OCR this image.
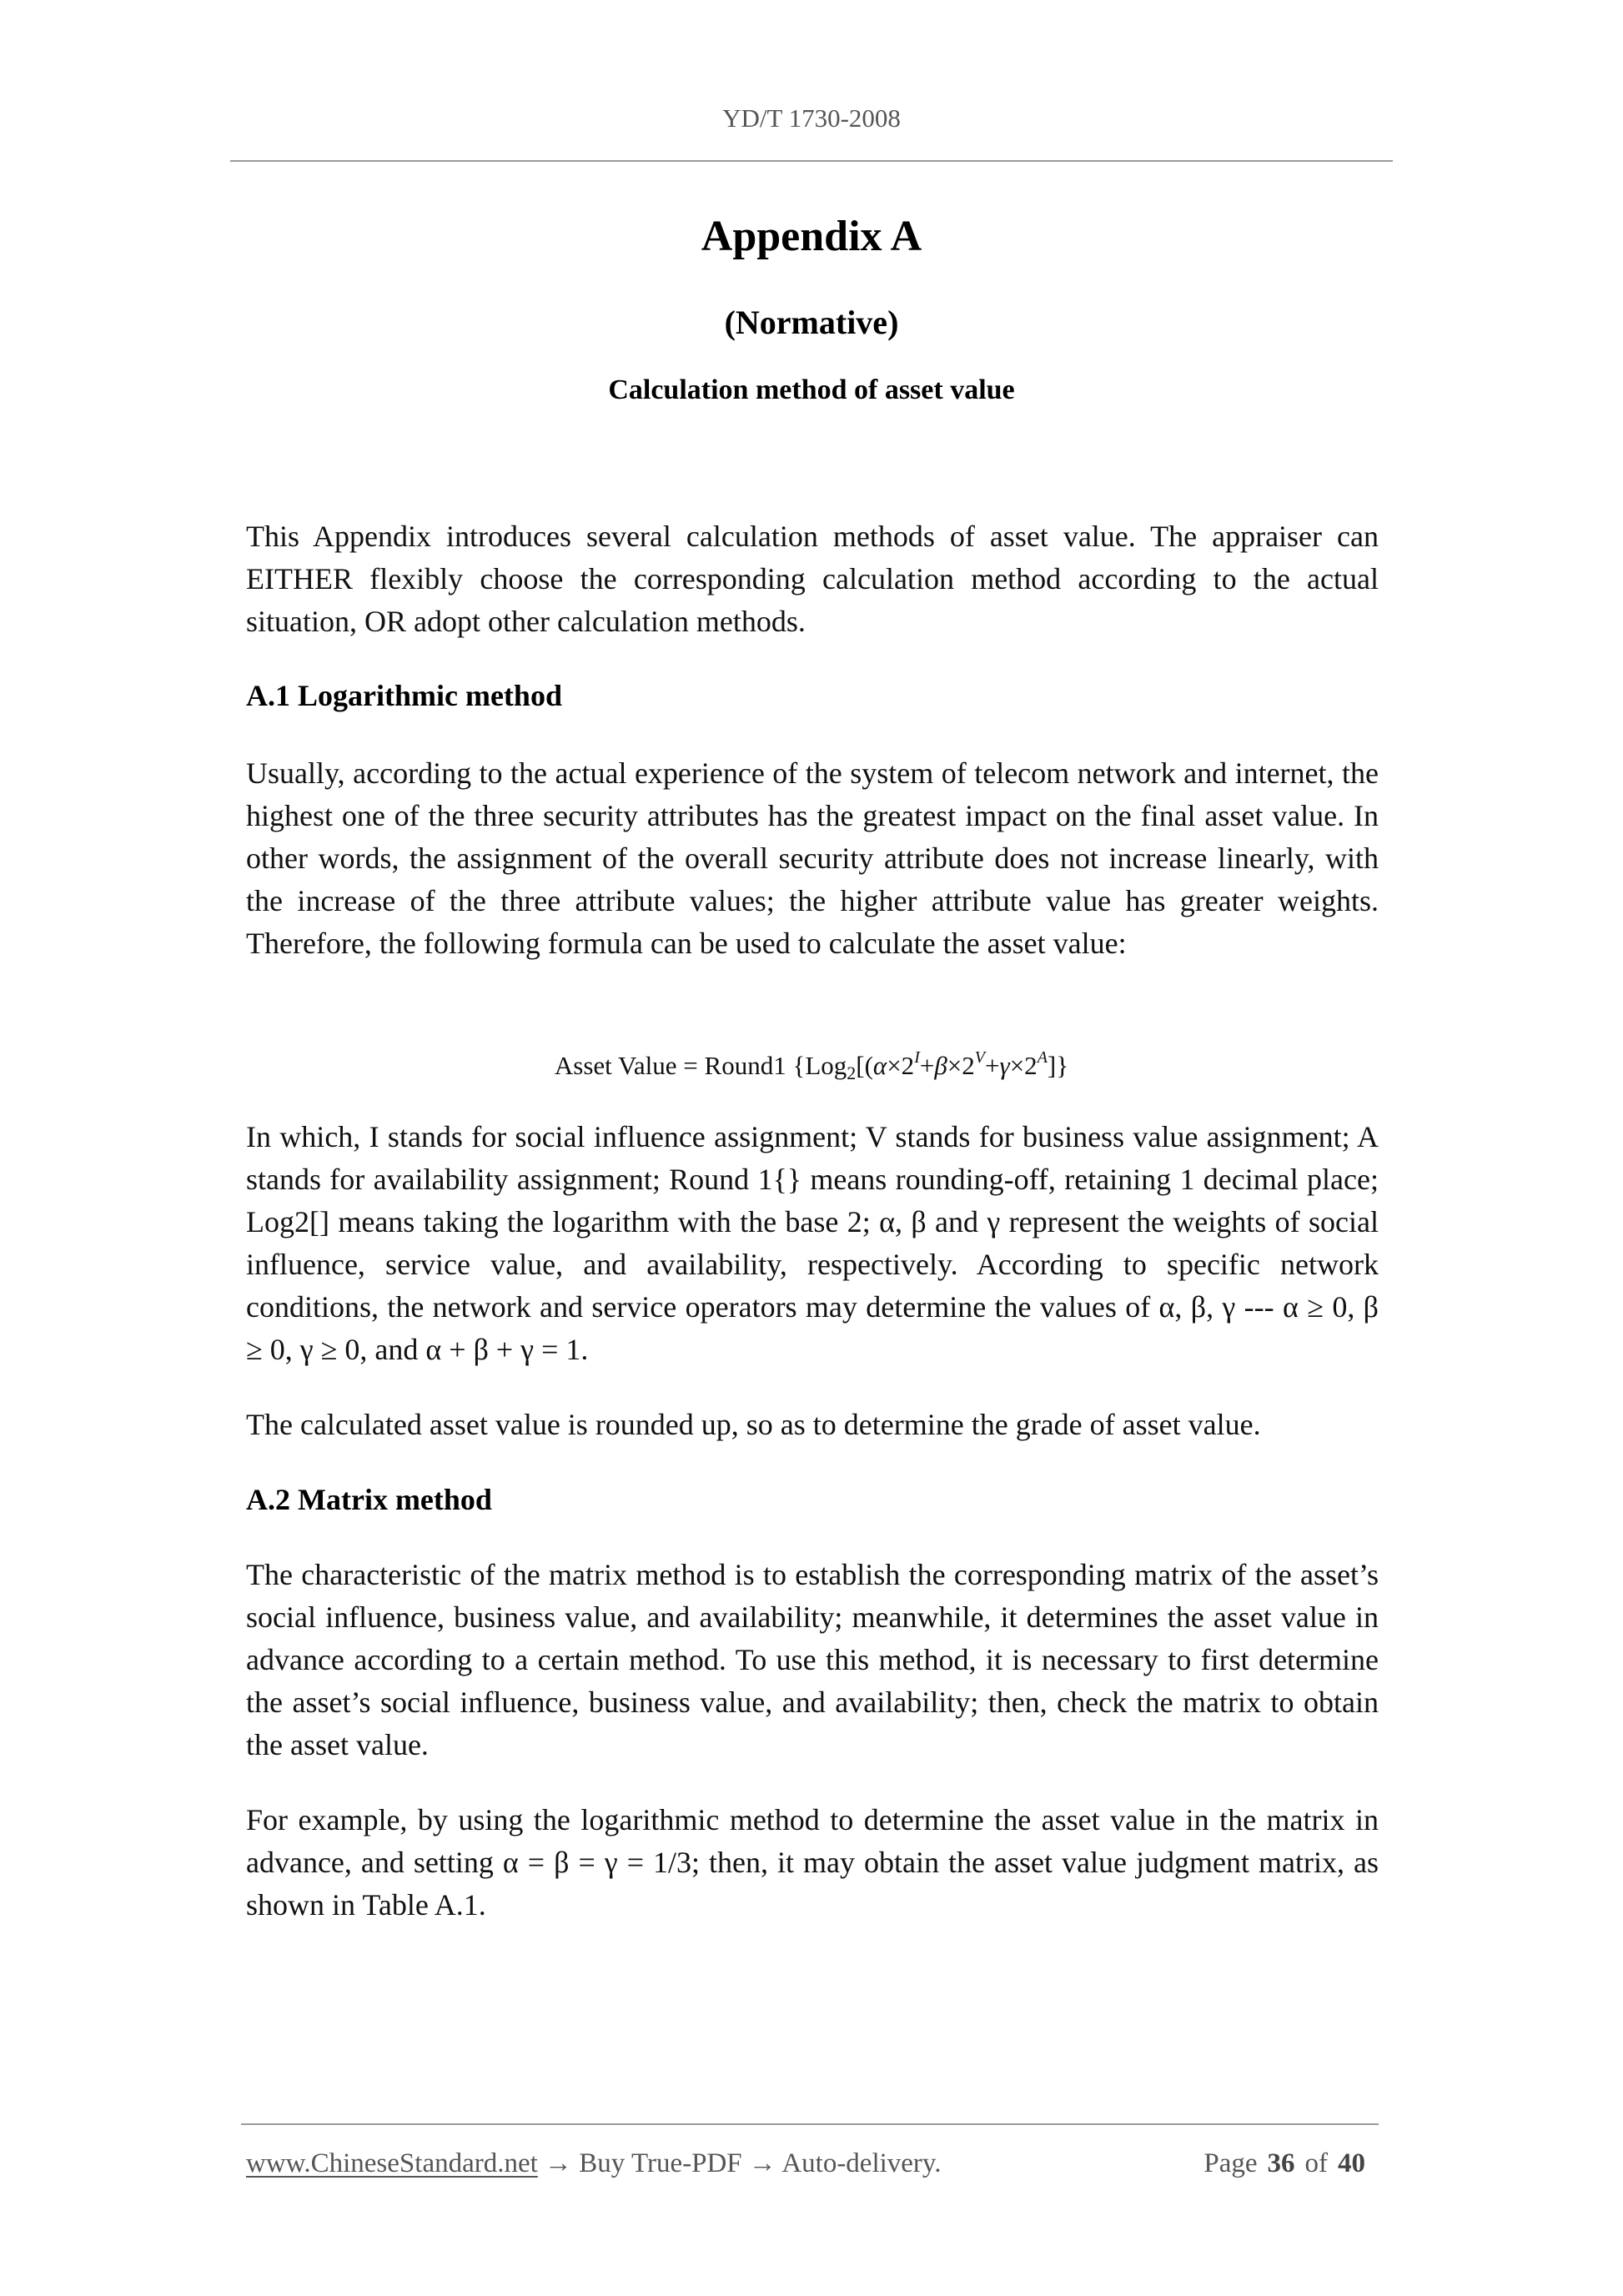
YD/T 1730-2008
Appendix A
(Normative)
Calculation method of asset value

This Appendix introduces several calculation methods of asset value. The appraiser can EITHER flexibly choose the corresponding calculation method according to the actual situation, OR adopt other calculation methods.

A.1 Logarithmic method

Usually, according to the actual experience of the system of telecom network and internet, the highest one of the three security attributes has the greatest impact on the final asset value. In other words, the assignment of the overall security attribute does not increase linearly, with the increase of the three attribute values; the higher attribute value has greater weights. Therefore, the following formula can be used to calculate the asset value:

Asset Value = Round1 {$Log_2[(\alpha\times 2^I+\beta\times 2^V+\gamma\times 2^A]\}$

In which, I stands for social influence assignment; V stands for business value assignment; A stands for availability assignment; Round 1{} means rounding-off, retaining 1 decimal place; Log2[] means taking the logarithm with the base 2; α, β and γ represent the weights of social influence, service value, and availability, respectively. According to specific network conditions, the network and service operators may determine the values of α, β, γ --- α ≥ 0, β ≥ 0, γ ≥ 0, and α + β + γ = 1.

The calculated asset value is rounded up, so as to determine the grade of asset value.

A.2 Matrix method

The characteristic of the matrix method is to establish the corresponding matrix of the asset’s social influence, business value, and availability; meanwhile, it determines the asset value in advance according to a certain method. To use this method, it is necessary to first determine the asset’s social influence, business value, and availability; then, check the matrix to obtain the asset value.

For example, by using the logarithmic method to determine the asset value in the matrix in advance, and setting α = β = γ = 1/3; then, it may obtain the asset value judgment matrix, as shown in Table A.1.

www.ChineseStandard.net → Buy True-PDF → Auto-delivery.	Page 36 of 40
